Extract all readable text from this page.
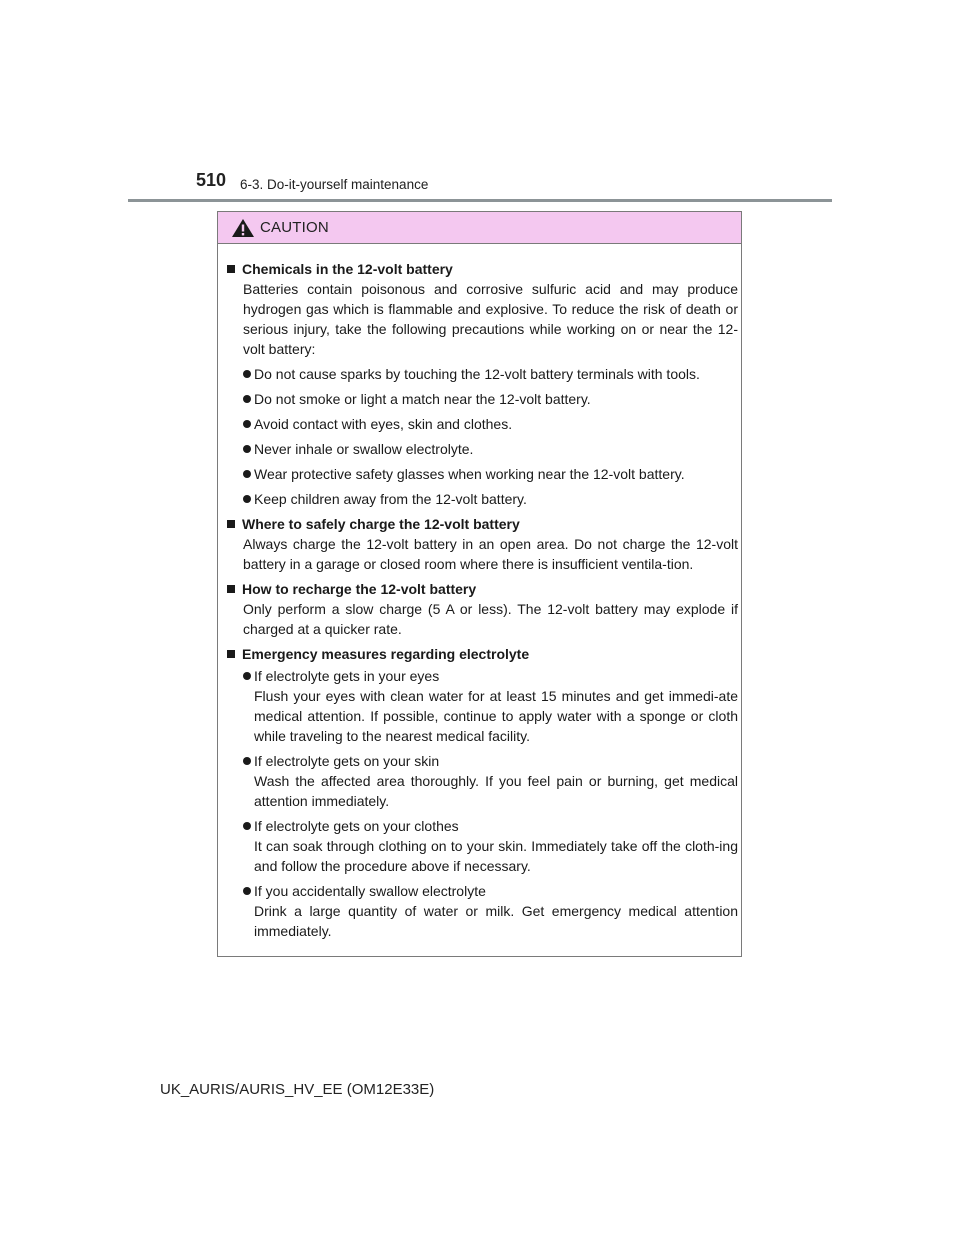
510 6-3. Do-it-yourself maintenance
CAUTION
Chemicals in the 12-volt battery
Batteries contain poisonous and corrosive sulfuric acid and may produce hydrogen gas which is flammable and explosive. To reduce the risk of death or serious injury, take the following precautions while working on or near the 12-volt battery:
Do not cause sparks by touching the 12-volt battery terminals with tools.
Do not smoke or light a match near the 12-volt battery.
Avoid contact with eyes, skin and clothes.
Never inhale or swallow electrolyte.
Wear protective safety glasses when working near the 12-volt battery.
Keep children away from the 12-volt battery.
Where to safely charge the 12-volt battery
Always charge the 12-volt battery in an open area. Do not charge the 12-volt battery in a garage or closed room where there is insufficient ventila-tion.
How to recharge the 12-volt battery
Only perform a slow charge (5 A or less). The 12-volt battery may explode if charged at a quicker rate.
Emergency measures regarding electrolyte
If electrolyte gets in your eyes
Flush your eyes with clean water for at least 15 minutes and get immedi-ate medical attention. If possible, continue to apply water with a sponge or cloth while traveling to the nearest medical facility.
If electrolyte gets on your skin
Wash the affected area thoroughly. If you feel pain or burning, get medical attention immediately.
If electrolyte gets on your clothes
It can soak through clothing on to your skin. Immediately take off the cloth-ing and follow the procedure above if necessary.
If you accidentally swallow electrolyte
Drink a large quantity of water or milk. Get emergency medical attention immediately.
UK_AURIS/AURIS_HV_EE (OM12E33E)
